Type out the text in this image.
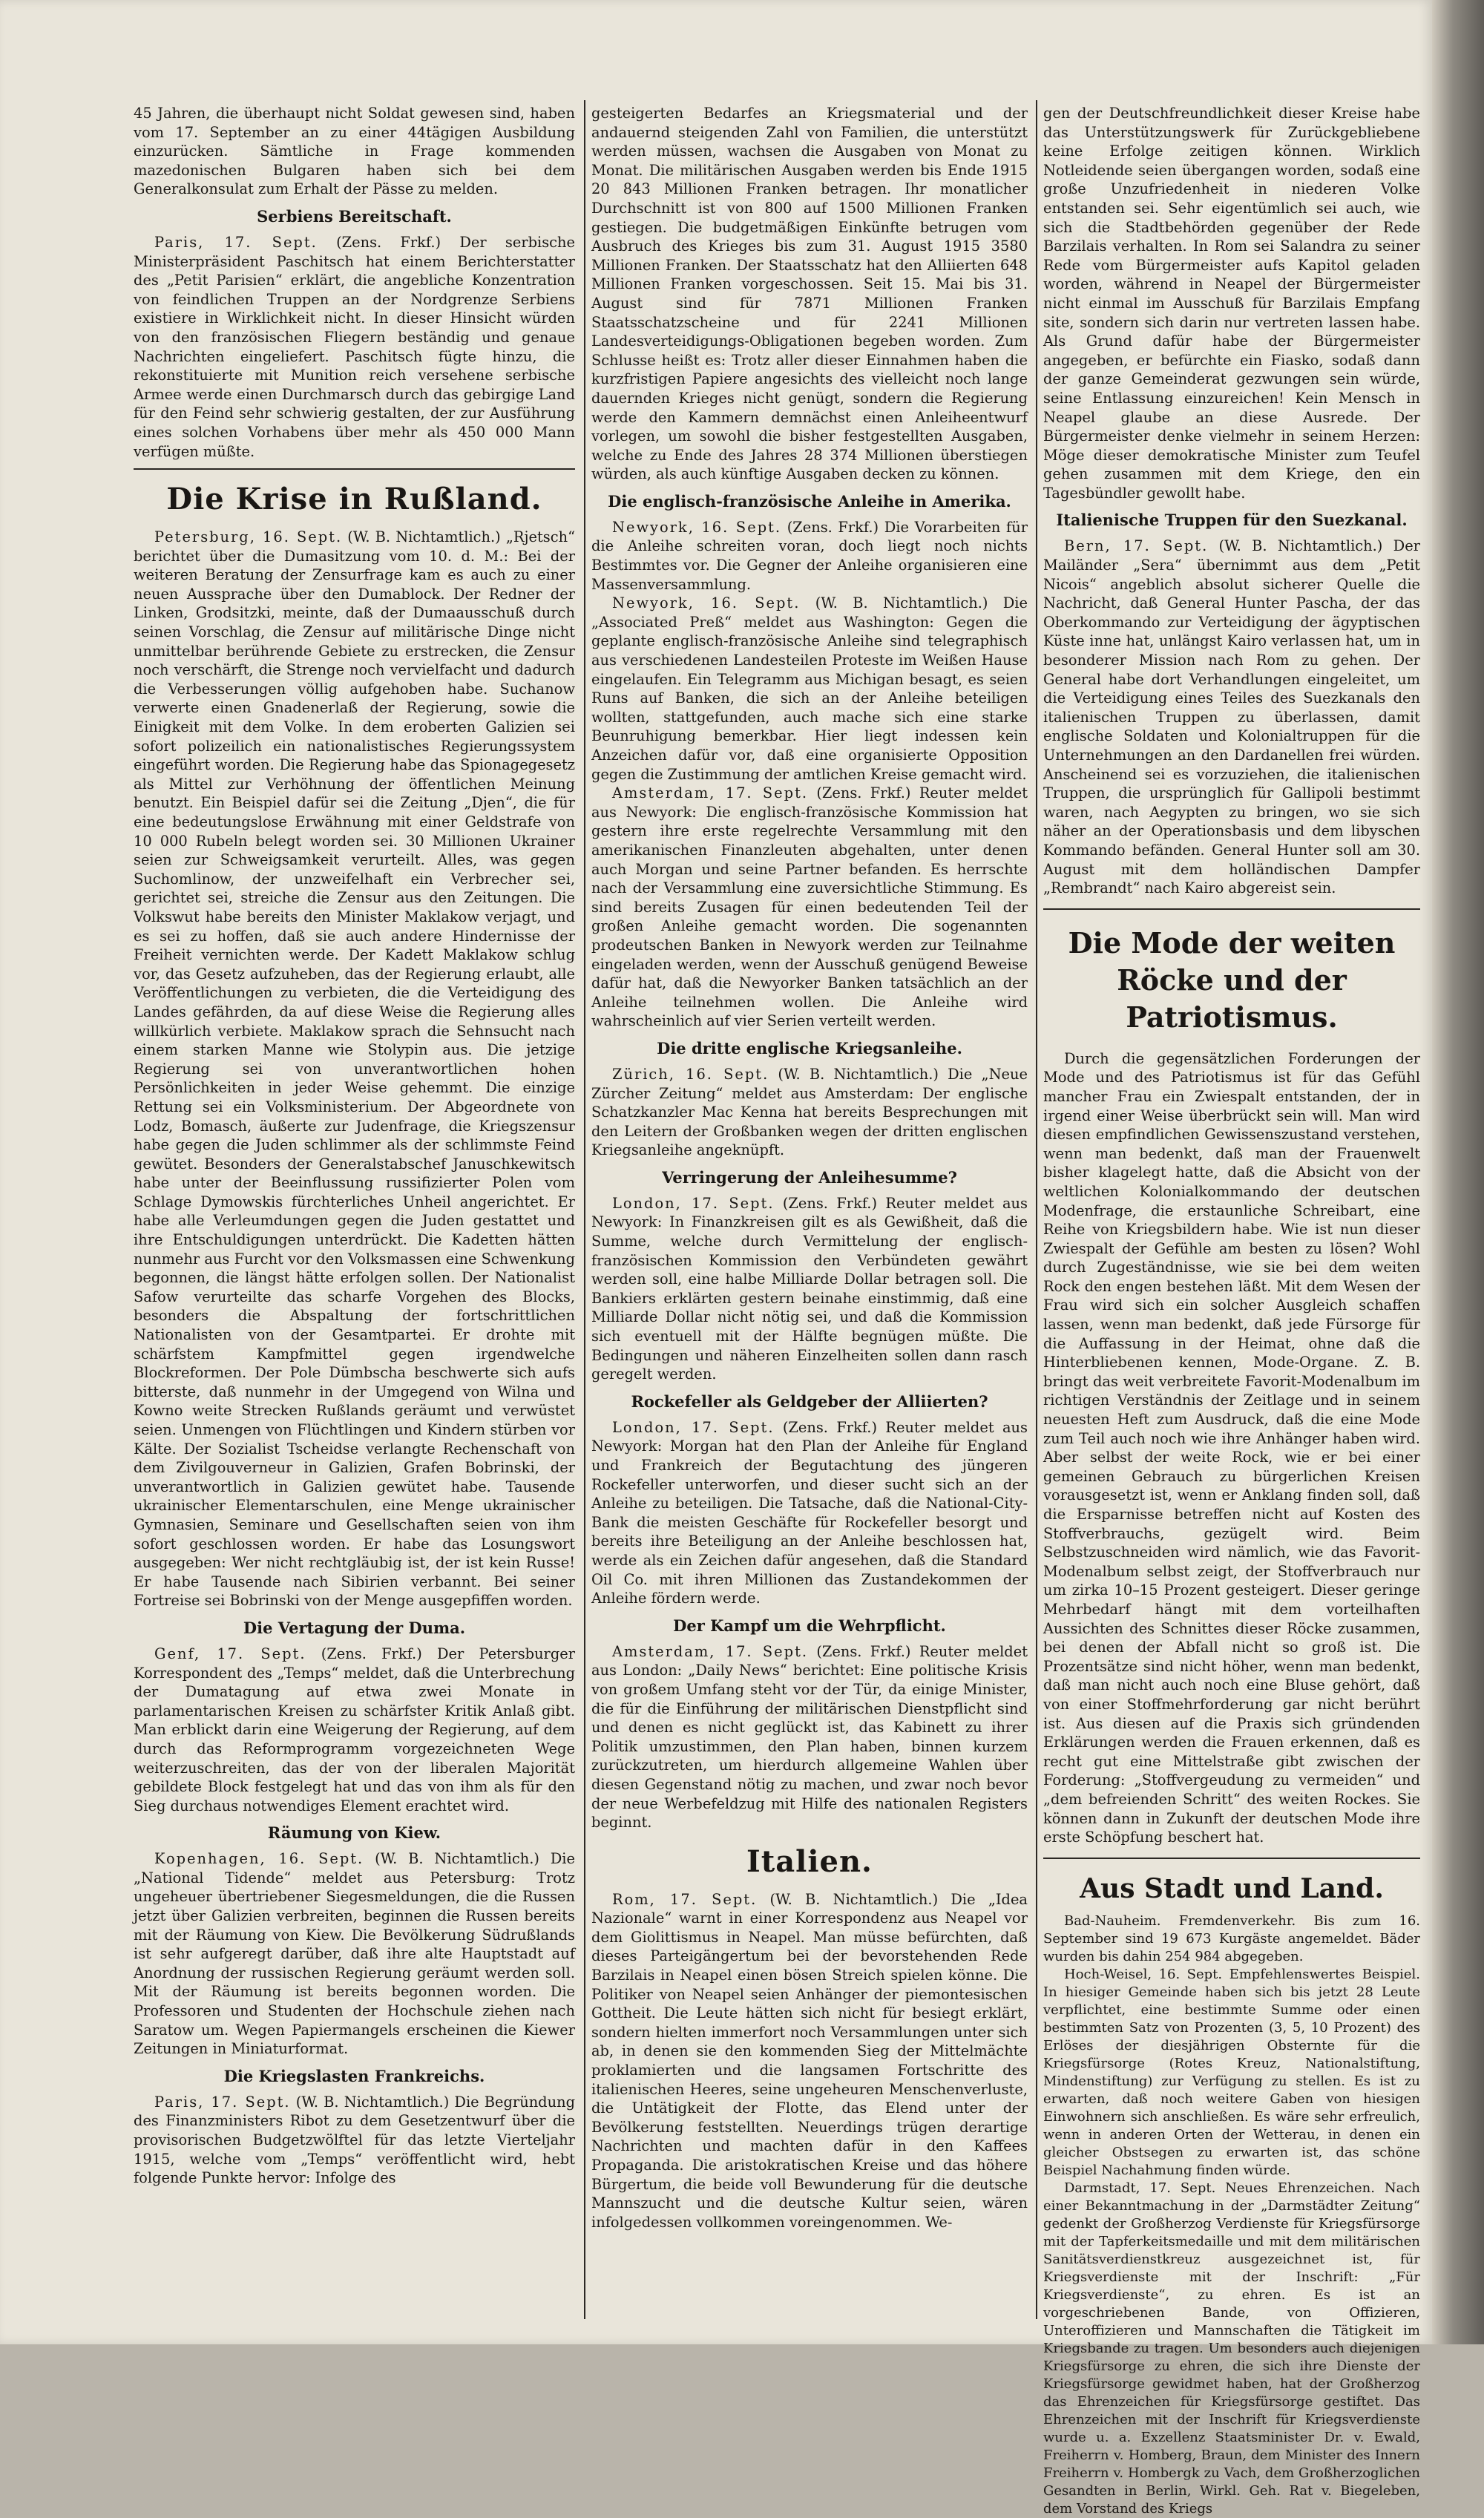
45 Jahren, die überhaupt nicht Soldat gewesen sind, haben vom 17. September an zu einer 44tägigen Ausbildung einzurücken. Sämtliche in Frage kommenden mazedonischen Bulgaren haben sich bei dem Generalkonsulat zum Erhalt der Pässe zu melden.

Serbiens Bereitschaft.

Paris, 17. Sept. (Zens. Frkf.) Der serbische Ministerpräsident Paschitsch hat einem Berichterstatter des „Petit Parisien“ erklärt, die angebliche Konzentration von feindlichen Truppen an der Nordgrenze Serbiens existiere in Wirklichkeit nicht. In dieser Hinsicht würden von den französischen Fliegern beständig und genaue Nachrichten eingeliefert. Paschitsch fügte hinzu, die rekonstituierte mit Munition reich versehene serbische Armee werde einen Durchmarsch durch das gebirgige Land für den Feind sehr schwierig gestalten, der zur Ausführung eines solchen Vorhabens über mehr als 450 000 Mann verfügen müßte.

Die Krise in Rußland.

Petersburg, 16. Sept. (W. B. Nichtamtlich.) „Rjetsch“ berichtet über die Dumasitzung vom 10. d. M.: Bei der weiteren Beratung der Zensurfrage kam es auch zu einer neuen Aussprache über den Dumablock. Der Redner der Linken, Grodsitzki, meinte, daß der Dumaausschuß durch seinen Vorschlag, die Zensur auf militärische Dinge nicht unmittelbar berührende Gebiete zu erstrecken, die Zensur noch verschärft, die Strenge noch vervielfacht und dadurch die Verbesserungen völlig aufgehoben habe. Suchanow verwerte einen Gnadenerlaß der Regierung, sowie die Einigkeit mit dem Volke. In dem eroberten Galizien sei sofort polizeilich ein nationalistisches Regierungssystem eingeführt worden. Die Regierung habe das Spionagegesetz als Mittel zur Verhöhnung der öffentlichen Meinung benutzt. Ein Beispiel dafür sei die Zeitung „Djen“, die für eine bedeutungslose Erwähnung mit einer Geldstrafe von 10 000 Rubeln belegt worden sei. 30 Millionen Ukrainer seien zur Schweigsamkeit verurteilt. Alles, was gegen Suchomlinow, der unzweifelhaft ein Verbrecher sei, gerichtet sei, streiche die Zensur aus den Zeitungen. Die Volkswut habe bereits den Minister Maklakow verjagt, und es sei zu hoffen, daß sie auch andere Hindernisse der Freiheit vernichten werde. Der Kadett Maklakow schlug vor, das Gesetz aufzuheben, das der Regierung erlaubt, alle Veröffentlichungen zu verbieten, die die Verteidigung des Landes gefährden, da auf diese Weise die Regierung alles willkürlich verbiete. Maklakow sprach die Sehnsucht nach einem starken Manne wie Stolypin aus. Die jetzige Regierung sei von unverantwortlichen hohen Persönlichkeiten in jeder Weise gehemmt. Die einzige Rettung sei ein Volksministerium. Der Abgeordnete von Lodz, Bomasch, äußerte zur Judenfrage, die Kriegszensur habe gegen die Juden schlimmer als der schlimmste Feind gewütet. Besonders der Generalstabschef Januschkewitsch habe unter der Beeinflussung russifizierter Polen vom Schlage Dymowskis fürchterliches Unheil angerichtet. Er habe alle Verleumdungen gegen die Juden gestattet und ihre Entschuldigungen unterdrückt. Die Kadetten hätten nunmehr aus Furcht vor den Volksmassen eine Schwenkung begonnen, die längst hätte erfolgen sollen. Der Nationalist Safow verurteilte das scharfe Vorgehen des Blocks, besonders die Abspaltung der fortschrittlichen Nationalisten von der Gesamtpartei. Er drohte mit schärfstem Kampfmittel gegen irgendwelche Blockreformen. Der Pole Dümbscha beschwerte sich aufs bitterste, daß nunmehr in der Umgegend von Wilna und Kowno weite Strecken Rußlands geräumt und verwüstet seien. Unmengen von Flüchtlingen und Kindern stürben vor Kälte. Der Sozialist Tscheidse verlangte Rechenschaft von dem Zivilgouverneur in Galizien, Grafen Bobrinski, der unverantwortlich in Galizien gewütet habe. Tausende ukrainischer Elementarschulen, eine Menge ukrainischer Gymnasien, Seminare und Gesellschaften seien von ihm sofort geschlossen worden. Er habe das Losungswort ausgegeben: Wer nicht rechtgläubig ist, der ist kein Russe! Er habe Tausende nach Sibirien verbannt. Bei seiner Fortreise sei Bobrinski von der Menge ausgepfiffen worden.

Die Vertagung der Duma.

Genf, 17. Sept. (Zens. Frkf.) Der Petersburger Korrespondent des „Temps“ meldet, daß die Unterbrechung der Dumatagung auf etwa zwei Monate in parlamentarischen Kreisen zu schärfster Kritik Anlaß gibt. Man erblickt darin eine Weigerung der Regierung, auf dem durch das Reformprogramm vorgezeichneten Wege weiterzuschreiten, das der von der liberalen Majorität gebildete Block festgelegt hat und das von ihm als für den Sieg durchaus notwendiges Element erachtet wird.

Räumung von Kiew.

Kopenhagen, 16. Sept. (W. B. Nichtamtlich.) Die „National Tidende“ meldet aus Petersburg: Trotz ungeheuer übertriebener Siegesmeldungen, die die Russen jetzt über Galizien verbreiten, beginnen die Russen bereits mit der Räumung von Kiew. Die Bevölkerung Südrußlands ist sehr aufgeregt darüber, daß ihre alte Hauptstadt auf Anordnung der russischen Regierung geräumt werden soll. Mit der Räumung ist bereits begonnen worden. Die Professoren und Studenten der Hochschule ziehen nach Saratow um. Wegen Papiermangels erscheinen die Kiewer Zeitungen in Miniaturformat.

Die Kriegslasten Frankreichs.

Paris, 17. Sept. (W. B. Nichtamtlich.) Die Begründung des Finanzministers Ribot zu dem Gesetzentwurf über die provisorischen Budgetzwölftel für das letzte Vierteljahr 1915, welche vom „Temps“ veröffentlicht wird, hebt folgende Punkte hervor: Infolge des

gesteigerten Bedarfes an Kriegsmaterial und der andauernd steigenden Zahl von Familien, die unterstützt werden müssen, wachsen die Ausgaben von Monat zu Monat. Die militärischen Ausgaben werden bis Ende 1915 20 843 Millionen Franken betragen. Ihr monatlicher Durchschnitt ist von 800 auf 1500 Millionen Franken gestiegen. Die budgetmäßigen Einkünfte betrugen vom Ausbruch des Krieges bis zum 31. August 1915 3580 Millionen Franken. Der Staatsschatz hat den Alliierten 648 Millionen Franken vorgeschossen. Seit 15. Mai bis 31. August sind für 7871 Millionen Franken Staatsschatzscheine und für 2241 Millionen Landesverteidigungs-Obligationen begeben worden. Zum Schlusse heißt es: Trotz aller dieser Einnahmen haben die kurzfristigen Papiere angesichts des vielleicht noch lange dauernden Krieges nicht genügt, sondern die Regierung werde den Kammern demnächst einen Anleiheentwurf vorlegen, um sowohl die bisher festgestellten Ausgaben, welche zu Ende des Jahres 28 374 Millionen überstiegen würden, als auch künftige Ausgaben decken zu können.

Die englisch-französische Anleihe in Amerika.

Newyork, 16. Sept. (Zens. Frkf.) Die Vorarbeiten für die Anleihe schreiten voran, doch liegt noch nichts Bestimmtes vor. Die Gegner der Anleihe organisieren eine Massenversammlung.

Newyork, 16. Sept. (W. B. Nichtamtlich.) Die „Associated Preß“ meldet aus Washington: Gegen die geplante englisch-französische Anleihe sind telegraphisch aus verschiedenen Landesteilen Proteste im Weißen Hause eingelaufen. Ein Telegramm aus Michigan besagt, es seien Runs auf Banken, die sich an der Anleihe beteiligen wollten, stattgefunden, auch mache sich eine starke Beunruhigung bemerkbar. Hier liegt indessen kein Anzeichen dafür vor, daß eine organisierte Opposition gegen die Zustimmung der amtlichen Kreise gemacht wird.

Amsterdam, 17. Sept. (Zens. Frkf.) Reuter meldet aus Newyork: Die englisch-französische Kommission hat gestern ihre erste regelrechte Versammlung mit den amerikanischen Finanzleuten abgehalten, unter denen auch Morgan und seine Partner befanden. Es herrschte nach der Versammlung eine zuversichtliche Stimmung. Es sind bereits Zusagen für einen bedeutenden Teil der großen Anleihe gemacht worden. Die sogenannten prodeutschen Banken in Newyork werden zur Teilnahme eingeladen werden, wenn der Ausschuß genügend Beweise dafür hat, daß die Newyorker Banken tatsächlich an der Anleihe teilnehmen wollen. Die Anleihe wird wahrscheinlich auf vier Serien verteilt werden.

Die dritte englische Kriegsanleihe.

Zürich, 16. Sept. (W. B. Nichtamtlich.) Die „Neue Zürcher Zeitung“ meldet aus Amsterdam: Der englische Schatzkanzler Mac Kenna hat bereits Besprechungen mit den Leitern der Großbanken wegen der dritten englischen Kriegsanleihe angeknüpft.

Verringerung der Anleihesumme?

London, 17. Sept. (Zens. Frkf.) Reuter meldet aus Newyork: In Finanzkreisen gilt es als Gewißheit, daß die Summe, welche durch Vermittelung der englisch-französischen Kommission den Verbündeten gewährt werden soll, eine halbe Milliarde Dollar betragen soll. Die Bankiers erklärten gestern beinahe einstimmig, daß eine Milliarde Dollar nicht nötig sei, und daß die Kommission sich eventuell mit der Hälfte begnügen müßte. Die Bedingungen und näheren Einzelheiten sollen dann rasch geregelt werden.

Rockefeller als Geldgeber der Alliierten?

London, 17. Sept. (Zens. Frkf.) Reuter meldet aus Newyork: Morgan hat den Plan der Anleihe für England und Frankreich der Begutachtung des jüngeren Rockefeller unterworfen, und dieser sucht sich an der Anleihe zu beteiligen. Die Tatsache, daß die National-City-Bank die meisten Geschäfte für Rockefeller besorgt und bereits ihre Beteiligung an der Anleihe beschlossen hat, werde als ein Zeichen dafür angesehen, daß die Standard Oil Co. mit ihren Millionen das Zustandekommen der Anleihe fördern werde.

Der Kampf um die Wehrpflicht.

Amsterdam, 17. Sept. (Zens. Frkf.) Reuter meldet aus London: „Daily News“ berichtet: Eine politische Krisis von großem Umfang steht vor der Tür, da einige Minister, die für die Einführung der militärischen Dienstpflicht sind und denen es nicht geglückt ist, das Kabinett zu ihrer Politik umzustimmen, den Plan haben, binnen kurzem zurückzutreten, um hierdurch allgemeine Wahlen über diesen Gegenstand nötig zu machen, und zwar noch bevor der neue Werbefeldzug mit Hilfe des nationalen Registers beginnt.

Italien.

Rom, 17. Sept. (W. B. Nichtamtlich.) Die „Idea Nazionale“ warnt in einer Korrespondenz aus Neapel vor dem Giolittismus in Neapel. Man müsse befürchten, daß dieses Parteigängertum bei der bevorstehenden Rede Barzilais in Neapel einen bösen Streich spielen könne. Die Politiker von Neapel seien Anhänger der piemontesischen Gottheit. Die Leute hätten sich nicht für besiegt erklärt, sondern hielten immerfort noch Versammlungen unter sich ab, in denen sie den kommenden Sieg der Mittelmächte proklamierten und die langsamen Fortschritte des italienischen Heeres, seine ungeheuren Menschenverluste, die Untätigkeit der Flotte, das Elend unter der Bevölkerung feststellten. Neuerdings trügen derartige Nachrichten und machten dafür in den Kaffees Propaganda. Die aristokratischen Kreise und das höhere Bürgertum, die beide voll Bewunderung für die deutsche Mannszucht und die deutsche Kultur seien, wären infolgedessen vollkommen voreingenommen. We-

gen der Deutschfreundlichkeit dieser Kreise habe das Unterstützungswerk für Zurückgebliebene keine Erfolge zeitigen können. Wirklich Notleidende seien übergangen worden, sodaß eine große Unzufriedenheit in niederen Volke entstanden sei. Sehr eigentümlich sei auch, wie sich die Stadtbehörden gegenüber der Rede Barzilais verhalten. In Rom sei Salandra zu seiner Rede vom Bürgermeister aufs Kapitol geladen worden, während in Neapel der Bürgermeister nicht einmal im Ausschuß für Barzilais Empfang site, sondern sich darin nur vertreten lassen habe. Als Grund dafür habe der Bürgermeister angegeben, er befürchte ein Fiasko, sodaß dann der ganze Gemeinderat gezwungen sein würde, seine Entlassung einzureichen! Kein Mensch in Neapel glaube an diese Ausrede. Der Bürgermeister denke vielmehr in seinem Herzen: Möge dieser demokratische Minister zum Teufel gehen zusammen mit dem Kriege, den ein Tagesbündler gewollt habe.

Italienische Truppen für den Suezkanal.

Bern, 17. Sept. (W. B. Nichtamtlich.) Der Mailänder „Sera“ übernimmt aus dem „Petit Nicois“ angeblich absolut sicherer Quelle die Nachricht, daß General Hunter Pascha, der das Oberkommando zur Verteidigung der ägyptischen Küste inne hat, unlängst Kairo verlassen hat, um in besonderer Mission nach Rom zu gehen. Der General habe dort Verhandlungen eingeleitet, um die Verteidigung eines Teiles des Suezkanals den italienischen Truppen zu überlassen, damit englische Soldaten und Kolonialtruppen für die Unternehmungen an den Dardanellen frei würden. Anscheinend sei es vorzuziehen, die italienischen Truppen, die ursprünglich für Gallipoli bestimmt waren, nach Aegypten zu bringen, wo sie sich näher an der Operationsbasis und dem libyschen Kommando befänden. General Hunter soll am 30. August mit dem holländischen Dampfer „Rembrandt“ nach Kairo abgereist sein.

Die Mode der weiten Röcke und der Patriotismus.

Durch die gegensätzlichen Forderungen der Mode und des Patriotismus ist für das Gefühl mancher Frau ein Zwiespalt entstanden, der in irgend einer Weise überbrückt sein will. Man wird diesen empfindlichen Gewissenszustand verstehen, wenn man bedenkt, daß man der Frauenwelt bisher klagelegt hatte, daß die Absicht von der weltlichen Kolonialkommando der deutschen Modenfrage, die erstaunliche Schreibart, eine Reihe von Kriegsbildern habe. Wie ist nun dieser Zwiespalt der Gefühle am besten zu lösen? Wohl durch Zugeständnisse, wie sie bei dem weiten Rock den engen bestehen läßt. Mit dem Wesen der Frau wird sich ein solcher Ausgleich schaffen lassen, wenn man bedenkt, daß jede Fürsorge für die Auffassung in der Heimat, ohne daß die Hinterbliebenen kennen, Mode-Organe. Z. B. bringt das weit verbreitete Favorit-Modenalbum im richtigen Verständnis der Zeitlage und in seinem neuesten Heft zum Ausdruck, daß die eine Mode zum Teil auch noch wie ihre Anhänger haben wird. Aber selbst der weite Rock, wie er bei einer gemeinen Gebrauch zu bürgerlichen Kreisen vorausgesetzt ist, wenn er Anklang finden soll, daß die Ersparnisse betreffen nicht auf Kosten des Stoffverbrauchs, gezügelt wird. Beim Selbstzuschneiden wird nämlich, wie das Favorit-Modenalbum selbst zeigt, der Stoffverbrauch nur um zirka 10–15 Prozent gesteigert. Dieser geringe Mehrbedarf hängt mit dem vorteilhaften Aussichten des Schnittes dieser Röcke zusammen, bei denen der Abfall nicht so groß ist. Die Prozentsätze sind nicht höher, wenn man bedenkt, daß man nicht auch noch eine Bluse gehört, daß von einer Stoffmehrforderung gar nicht berührt ist. Aus diesen auf die Praxis sich gründenden Erklärungen werden die Frauen erkennen, daß es recht gut eine Mittelstraße gibt zwischen der Forderung: „Stoffvergeudung zu vermeiden“ und „dem befreienden Schritt“ des weiten Rockes. Sie können dann in Zukunft der deutschen Mode ihre erste Schöpfung beschert hat.

Aus Stadt und Land.

Bad-Nauheim. Fremdenverkehr. Bis zum 16. September sind 19 673 Kurgäste angemeldet. Bäder wurden bis dahin 254 984 abgegeben.

Hoch-Weisel, 16. Sept. Empfehlenswertes Beispiel. In hiesiger Gemeinde haben sich bis jetzt 28 Leute verpflichtet, eine bestimmte Summe oder einen bestimmten Satz von Prozenten (3, 5, 10 Prozent) des Erlöses der diesjährigen Obsternte für die Kriegsfürsorge (Rotes Kreuz, Nationalstiftung, Mindenstiftung) zur Verfügung zu stellen. Es ist zu erwarten, daß noch weitere Gaben von hiesigen Einwohnern sich anschließen. Es wäre sehr erfreulich, wenn in anderen Orten der Wetterau, in denen ein gleicher Obstsegen zu erwarten ist, das schöne Beispiel Nachahmung finden würde.

Darmstadt, 17. Sept. Neues Ehrenzeichen. Nach einer Bekanntmachung in der „Darmstädter Zeitung“ gedenkt der Großherzog Verdienste für Kriegsfürsorge mit der Tapferkeitsmedaille und mit dem militärischen Sanitätsverdienstkreuz ausgezeichnet ist, für Kriegsverdienste mit der Inschrift: „Für Kriegsverdienste“, zu ehren. Es ist an vorgeschriebenen Bande, von Offizieren, Unteroffizieren und Mannschaften die Tätigkeit im Kriegsbande zu tragen. Um besonders auch diejenigen Kriegsfürsorge zu ehren, die sich ihre Dienste der Kriegsfürsorge gewidmet haben, hat der Großherzog das Ehrenzeichen für Kriegsfürsorge gestiftet. Das Ehrenzeichen mit der Inschrift für Kriegsverdienste wurde u. a. Exzellenz Staatsminister Dr. v. Ewald, Freiherrn v. Homberg, Braun, dem Minister des Innern Freiherrn v. Hombergk zu Vach, dem Großherzoglichen Gesandten in Berlin, Wirkl. Geh. Rat v. Biegeleben, dem Vorstand des Kriegs
